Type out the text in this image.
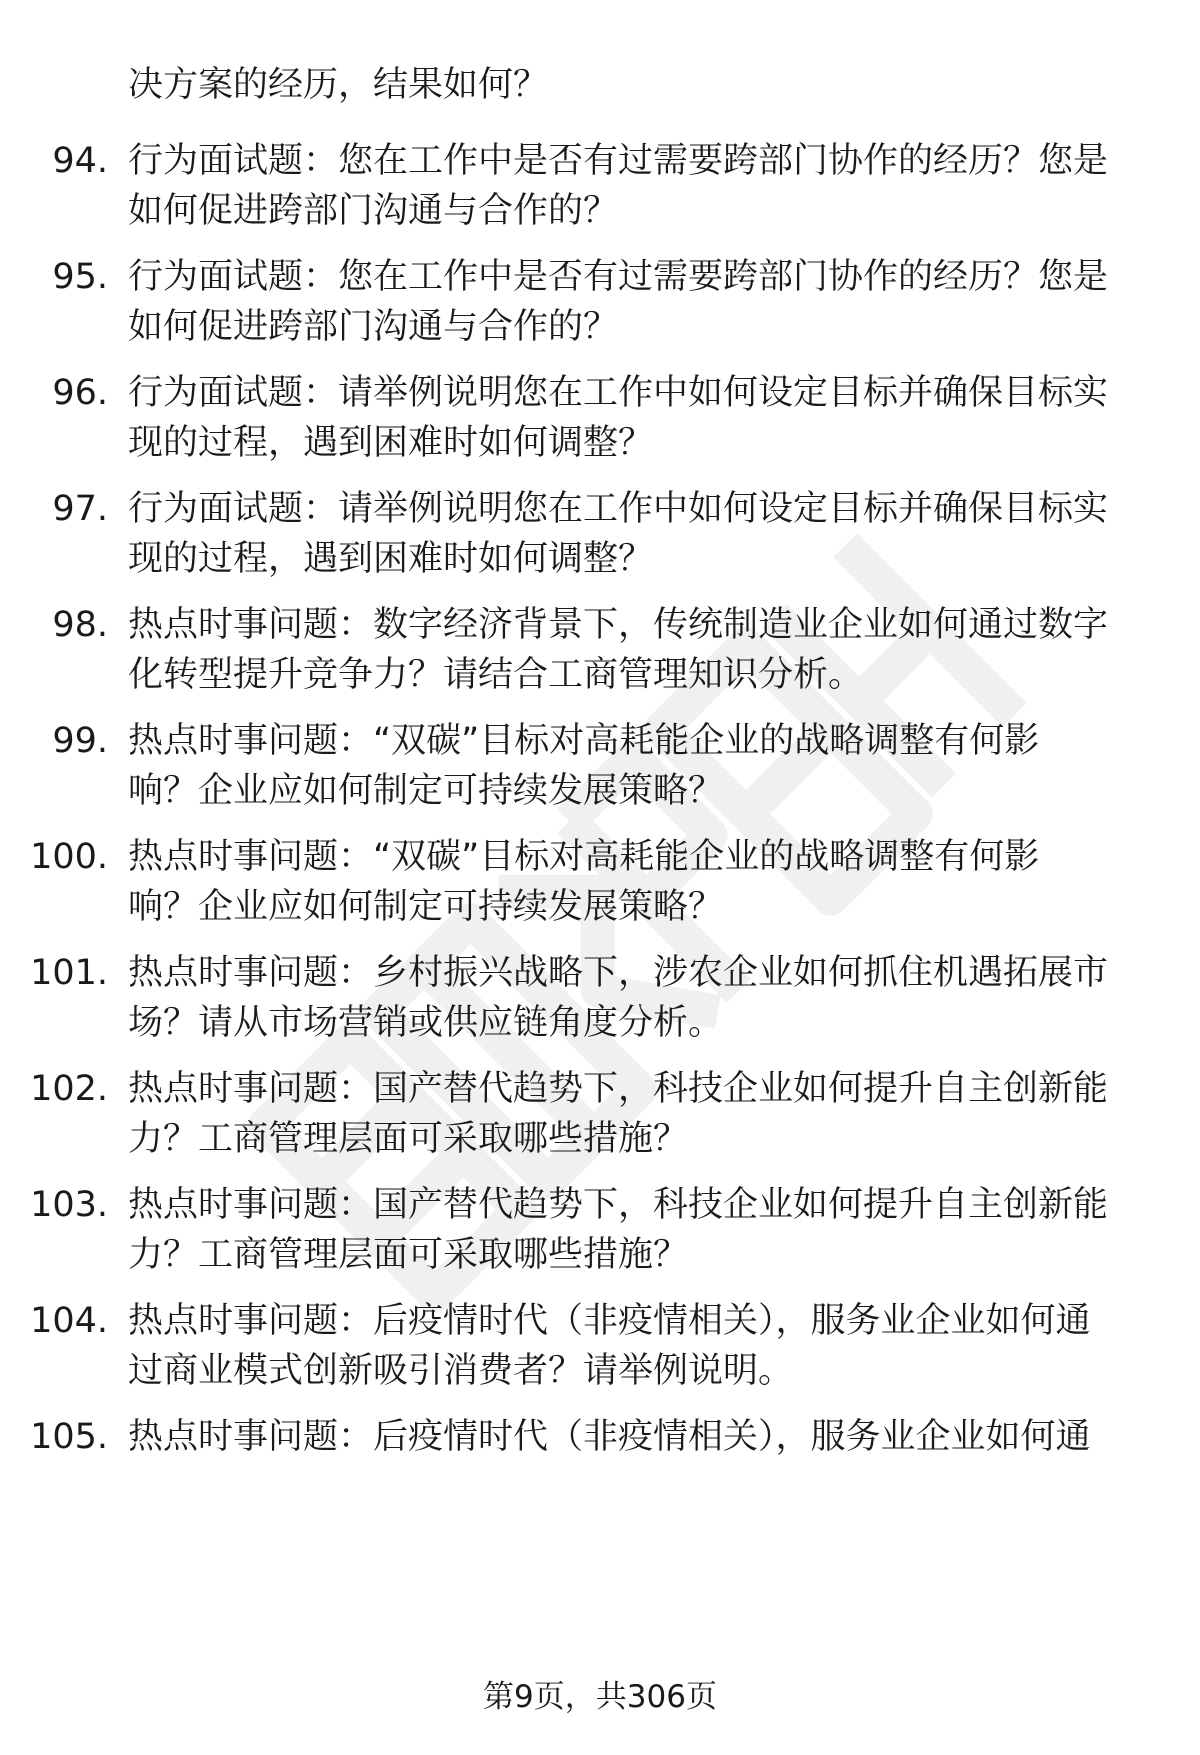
决方案的经历，结果如何？
94. 行为面试题：您在工作中是否有过需要跨部门协作的经历？您是
如何促进跨部门沟通与合作的？
95. 行为面试题：您在工作中是否有过需要跨部门协作的经历？您是
如何促进跨部门沟通与合作的？
96. 行为面试题：请举例说明您在工作中如何设定目标并确保目标实
现的过程，遇到困难时如何调整？
97. 行为面试题：请举例说明您在工作中如何设定目标并确保目标实
现的过程，遇到困难时如何调整？
98. 热点时事问题：数字经济背景下，传统制造业企业如何通过数字
化转型提升竞争力？请结合工商管理知识分析。
99. 热点时事问题：“双碳”目标对高耗能企业的战略调整有何影
响？企业应如何制定可持续发展策略？
100. 热点时事问题：“双碳”目标对高耗能企业的战略调整有何影
响？企业应如何制定可持续发展策略？
101. 热点时事问题：乡村振兴战略下，涉农企业如何抓住机遇拓展市
场？请从市场营销或供应链角度分析。
102. 热点时事问题：国产替代趋势下，科技企业如何提升自主创新能
力？工商管理层面可采取哪些措施？
103. 热点时事问题：国产替代趋势下，科技企业如何提升自主创新能
力？工商管理层面可采取哪些措施？
104. 热点时事问题：后疫情时代（非疫情相关），服务业企业如何通
过商业模式创新吸引消费者？请举例说明。
105. 热点时事问题：后疫情时代（非疫情相关），服务业企业如何通
第9页，共306页
